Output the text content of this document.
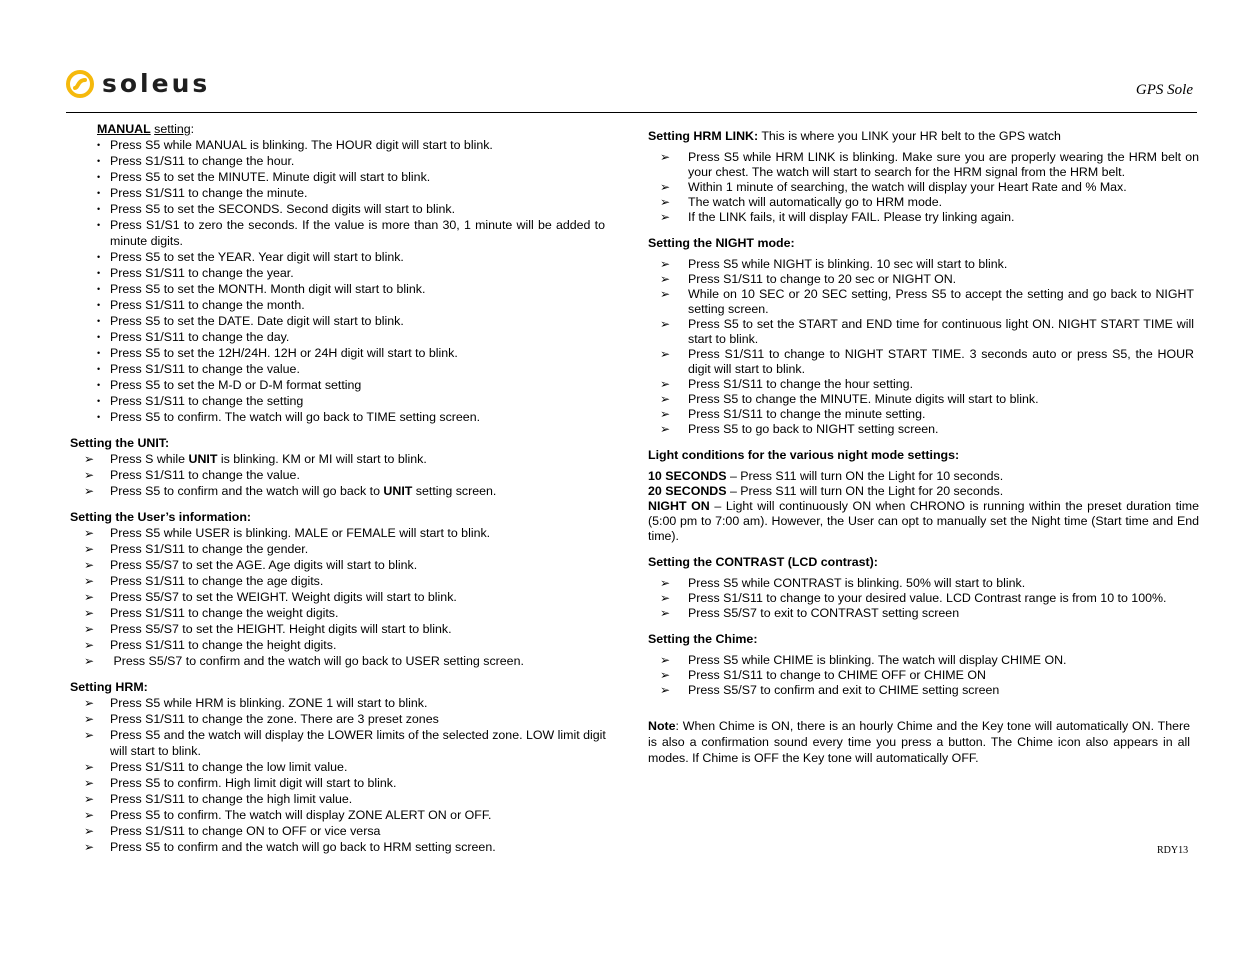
soleus	GPS Sole
MANUAL setting:
• Press S5 while MANUAL is blinking. The HOUR digit will start to blink.
• Press S1/S11 to change the hour.
• Press S5 to set the MINUTE. Minute digit will start to blink.
• Press S1/S11 to change the minute.
• Press S5 to set the SECONDS. Second digits will start to blink.
• Press S1/S1 to zero the seconds. If the value is more than 30, 1 minute will be added to minute digits.
• Press S5 to set the YEAR. Year digit will start to blink.
• Press S1/S11 to change the year.
• Press S5 to set the MONTH. Month digit will start to blink.
• Press S1/S11 to change the month.
• Press S5 to set the DATE. Date digit will start to blink.
• Press S1/S11 to change the day.
• Press S5 to set the 12H/24H. 12H or 24H digit will start to blink.
• Press S1/S11 to change the value.
• Press S5 to set the M-D or D-M format setting
• Press S1/S11 to change the setting
• Press S5 to confirm. The watch will go back to TIME setting screen.
Setting the UNIT:
➢ Press S while UNIT is blinking. KM or MI will start to blink.
➢ Press S1/S11 to change the value.
➢ Press S5 to confirm and the watch will go back to UNIT setting screen.
Setting the User’s information:
➢ Press S5 while USER is blinking. MALE or FEMALE will start to blink.
➢ Press S1/S11 to change the gender.
➢ Press S5/S7 to set the AGE. Age digits will start to blink.
➢ Press S1/S11 to change the age digits.
➢ Press S5/S7 to set the WEIGHT. Weight digits will start to blink.
➢ Press S1/S11 to change the weight digits.
➢ Press S5/S7 to set the HEIGHT. Height digits will start to blink.
➢ Press S1/S11 to change the height digits.
➢  Press S5/S7 to confirm and the watch will go back to USER setting screen.
Setting HRM:
➢ Press S5 while HRM is blinking. ZONE 1 will start to blink.
➢ Press S1/S11 to change the zone. There are 3 preset zones
➢ Press S5 and the watch will display the LOWER limits of the selected zone. LOW limit digit will start to blink.
➢ Press S1/S11 to change the low limit value.
➢ Press S5 to confirm. High limit digit will start to blink.
➢ Press S1/S11 to change the high limit value.
➢ Press S5 to confirm. The watch will display ZONE ALERT ON or OFF.
➢ Press S1/S11 to change ON to OFF or vice versa
➢ Press S5 to confirm and the watch will go back to HRM setting screen.
Setting HRM LINK: This is where you LINK your HR belt to the GPS watch
➢ Press S5 while HRM LINK is blinking. Make sure you are properly wearing the HRM belt on your chest. The watch will start to search for the HRM signal from the HRM belt.
➢ Within 1 minute of searching, the watch will display your Heart Rate and % Max.
➢ The watch will automatically go to HRM mode.
➢ If the LINK fails, it will display FAIL. Please try linking again.
Setting the NIGHT mode:
➢ Press S5 while NIGHT is blinking. 10 sec will start to blink.
➢ Press S1/S11 to change to 20 sec or NIGHT ON.
➢ While on 10 SEC or 20 SEC setting, Press S5 to accept the setting and go back to NIGHT setting screen.
➢ Press S5 to set the START and END time for continuous light ON. NIGHT START TIME will start to blink.
➢ Press S1/S11 to change to NIGHT START TIME. 3 seconds auto or press S5, the HOUR digit will start to blink.
➢ Press S1/S11 to change the hour setting.
➢ Press S5 to change the MINUTE. Minute digits will start to blink.
➢ Press S1/S11 to change the minute setting.
➢ Press S5 to go back to NIGHT setting screen.
Light conditions for the various night mode settings:
10 SECONDS – Press S11 will turn ON the Light for 10 seconds.
20 SECONDS – Press S11 will turn ON the Light for 20 seconds.
NIGHT ON – Light will continuously ON when CHRONO is running within the preset duration time (5:00 pm to 7:00 am). However, the User can opt to manually set the Night time (Start time and End time).
Setting the CONTRAST (LCD contrast):
➢ Press S5 while CONTRAST is blinking. 50% will start to blink.
➢ Press S1/S11 to change to your desired value. LCD Contrast range is from 10 to 100%.
➢ Press S5/S7 to exit to CONTRAST setting screen
Setting the Chime:
➢ Press S5 while CHIME is blinking. The watch will display CHIME ON.
➢ Press S1/S11 to change to CHIME OFF or CHIME ON
➢ Press S5/S7 to confirm and exit to CHIME setting screen
Note: When Chime is ON, there is an hourly Chime and the Key tone will automatically ON. There is also a confirmation sound every time you press a button. The Chime icon also appears in all modes. If Chime is OFF the Key tone will automatically OFF.
RDY13
